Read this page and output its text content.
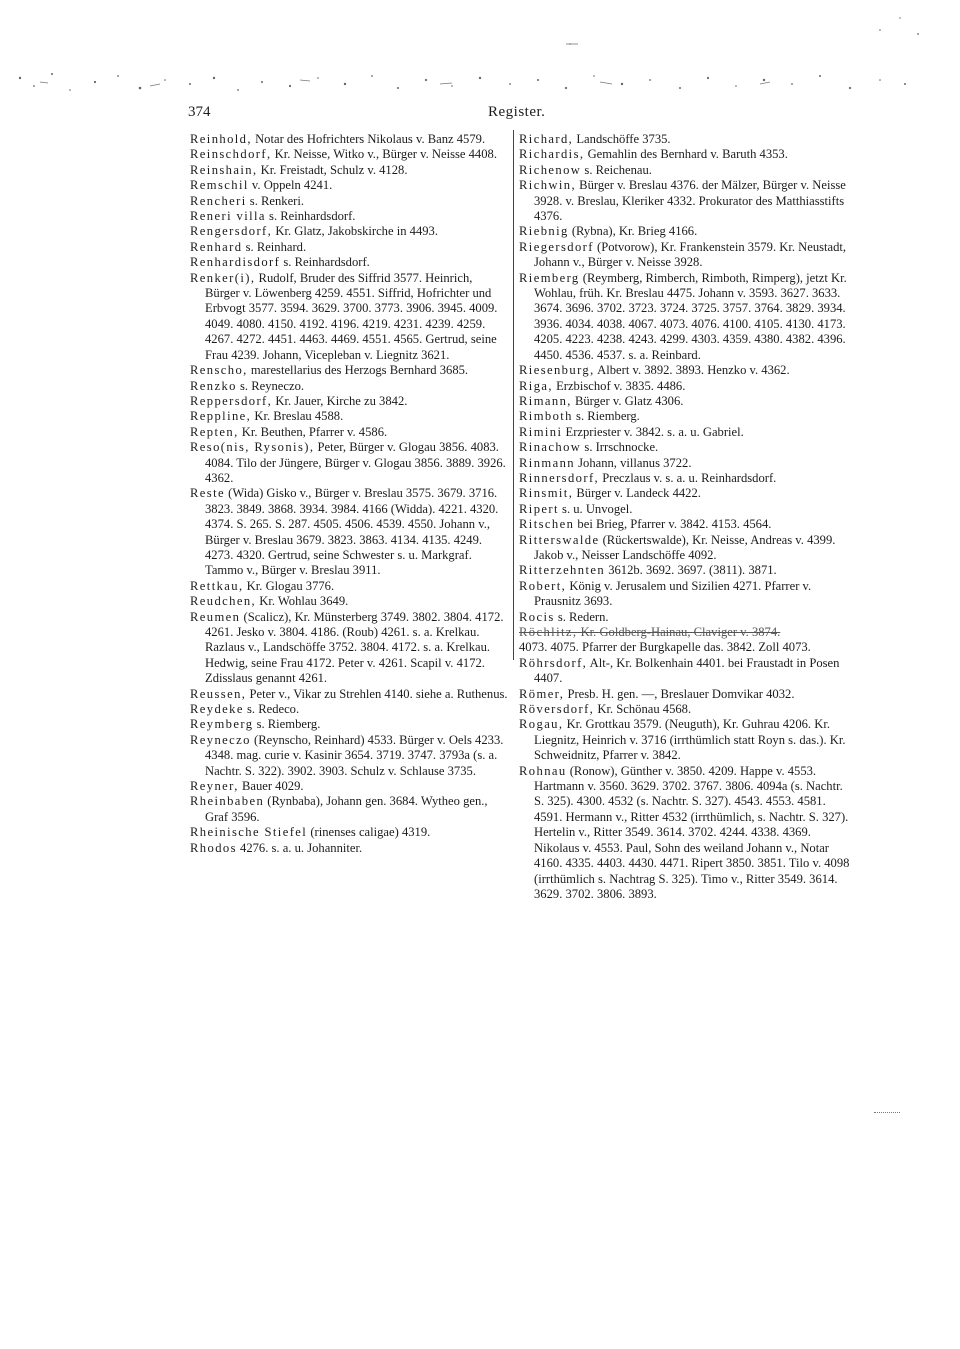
374	Register.

Reinhold, Notar des Hofrichters Nikolaus v. Banz 4579.

Reinschdorf, Kr. Neisse, Witko v., Bürger v. Neisse 4408.

Reinshain, Kr. Freistadt, Schulz v. 4128.

Remschil v. Oppeln 4241.

Rencheri s. Renkeri.

Reneri villa s. Reinhardsdorf.

Rengersdorf, Kr. Glatz, Jakobskirche in 4493.

Renhard s. Reinhard.

Renhardisdorf s. Reinhardsdorf.

Renker(i), Rudolf, Bruder des Siffrid 3577. Heinrich, Bürger v. Löwenberg 4259. 4551. Siffrid, Hofrichter und Erbvogt 3577. 3594. 3629. 3700. 3773. 3906. 3945. 4009. 4049. 4080. 4150. 4192. 4196. 4219. 4231. 4239. 4259. 4267. 4272. 4451. 4463. 4469. 4551. 4565. Gertrud, seine Frau 4239. Johann, Vicepleban v. Liegnitz 3621.

Renscho, marestellarius des Herzogs Bernhard 3685.

Renzko s. Reyneczo.

Reppersdorf, Kr. Jauer, Kirche zu 3842.

Reppline, Kr. Breslau 4588.

Repten, Kr. Beuthen, Pfarrer v. 4586.

Reso(nis, Rysonis), Peter, Bürger v. Glogau 3856. 4083. 4084. Tilo der Jüngere, Bürger v. Glogau 3856. 3889. 3926. 4362.

Reste (Wida) Gisko v., Bürger v. Breslau 3575. 3679. 3716. 3823. 3849. 3868. 3934. 3984. 4166 (Widda). 4221. 4320. 4374. S. 265. S. 287. 4505. 4506. 4539. 4550. Johann v., Bürger v. Breslau 3679. 3823. 3863. 4134. 4135. 4249. 4273. 4320. Gertrud, seine Schwester s. u. Markgraf. Tammo v., Bürger v. Breslau 3911.

Rettkau, Kr. Glogau 3776.

Reudchen, Kr. Wohlau 3649.

Reumen (Scalicz), Kr. Münsterberg 3749. 3802. 3804. 4172. 4261. Jesko v. 3804. 4186. (Roub) 4261. s. a. Krelkau. Razlaus v., Landschöffe 3752. 3804. 4172. s. a. Krelkau. Hedwig, seine Frau 4172. Peter v. 4261. Scapil v. 4172. Zdisslaus genannt 4261.

Reussen, Peter v., Vikar zu Strehlen 4140. siehe a. Ruthenus.

Reydeke s. Redeco.

Reymberg s. Riemberg.

Reyneczo (Reynscho, Reinhard) 4533. Bürger v. Oels 4233. 4348. mag. curie v. Kasinir 3654. 3719. 3747. 3793a (s. a. Nachtr. S. 322). 3902. 3903. Schulz v. Schlause 3735.

Reyner, Bauer 4029.

Rheinbaben (Rynbaba), Johann gen. 3684. Wytheo gen., Graf 3596.

Rheinische Stiefel (rinenses caligae) 4319.

Rhodos 4276. s. a. u. Johanniter.

Richard, Landschöffe 3735.

Richardis, Gemahlin des Bernhard v. Baruth 4353.

Richenow s. Reichenau.

Richwin, Bürger v. Breslau 4376. der Mälzer, Bürger v. Neisse 3928. v. Breslau, Kleriker 4332. Prokurator des Matthiasstifts 4376.

Riebnig (Rybna), Kr. Brieg 4166.

Riegersdorf (Potvorow), Kr. Frankenstein 3579. Kr. Neustadt, Johann v., Bürger v. Neisse 3928.

Riemberg (Reymberg, Rimberch, Rimboth, Rimperg), jetzt Kr. Wohlau, früh. Kr. Breslau 4475. Johann v. 3593. 3627. 3633. 3674. 3696. 3702. 3723. 3724. 3725. 3757. 3764. 3829. 3934. 3936. 4034. 4038. 4067. 4073. 4076. 4100. 4105. 4130. 4173. 4205. 4223. 4238. 4243. 4299. 4303. 4359. 4380. 4382. 4396. 4450. 4536. 4537. s. a. Reinbard.

Riesenburg, Albert v. 3892. 3893. Henzko v. 4362.

Riga, Erzbischof v. 3835. 4486.

Rimann, Bürger v. Glatz 4306.

Rimboth s. Riemberg.

Rimini Erzpriester v. 3842. s. a. u. Gabriel.

Rinachow s. Irrschnocke.

Rinmann Johann, villanus 3722.

Rinnersdorf, Preczlaus v. s. a. u. Reinhardsdorf.

Rinsmit, Bürger v. Landeck 4422.

Ripert s. u. Unvogel.

Ritschen bei Brieg, Pfarrer v. 3842. 4153. 4564.

Ritterswalde (Rückertswalde), Kr. Neisse, Andreas v. 4399. Jakob v., Neisser Landschöffe 4092.

Ritterzehnten 3612b. 3692. 3697. (3811). 3871.

Robert, König v. Jerusalem und Sizilien 4271. Pfarrer v. Prausnitz 3693.

Rocis s. Redern.

Röchlitz, Kr. Goldberg-Hainau, Claviger v. 3874.

4073. 4075. Pfarrer der Burgkapelle das. 3842. Zoll 4073.

Röhrsdorf, Alt-, Kr. Bolkenhain 4401. bei Fraustadt in Posen 4407.

Römer, Presb. H. gen. —, Breslauer Domvikar 4032.

Röversdorf, Kr. Schönau 4568.

Rogau, Kr. Grottkau 3579. (Neuguth), Kr. Guhrau 4206. Kr. Liegnitz, Heinrich v. 3716 (irrthümlich statt Royn s. das.). Kr. Schweidnitz, Pfarrer v. 3842.

Rohnau (Ronow), Günther v. 3850. 4209. Happe v. 4553. Hartmann v. 3560. 3629. 3702. 3767. 3806. 4094a (s. Nachtr. S. 325). 4300. 4532 (s. Nachtr. S. 327). 4543. 4553. 4581. 4591. Hermann v., Ritter 4532 (irrthümlich, s. Nachtr. S. 327). Hertelin v., Ritter 3549. 3614. 3702. 4244. 4338. 4369. Nikolaus v. 4553. Paul, Sohn des weiland Johann v., Notar 4160. 4335. 4403. 4430. 4471. Ripert 3850. 3851. Tilo v. 4098 (irrthümlich s. Nachtrag S. 325). Timo v., Ritter 3549. 3614. 3629. 3702. 3806. 3893.
